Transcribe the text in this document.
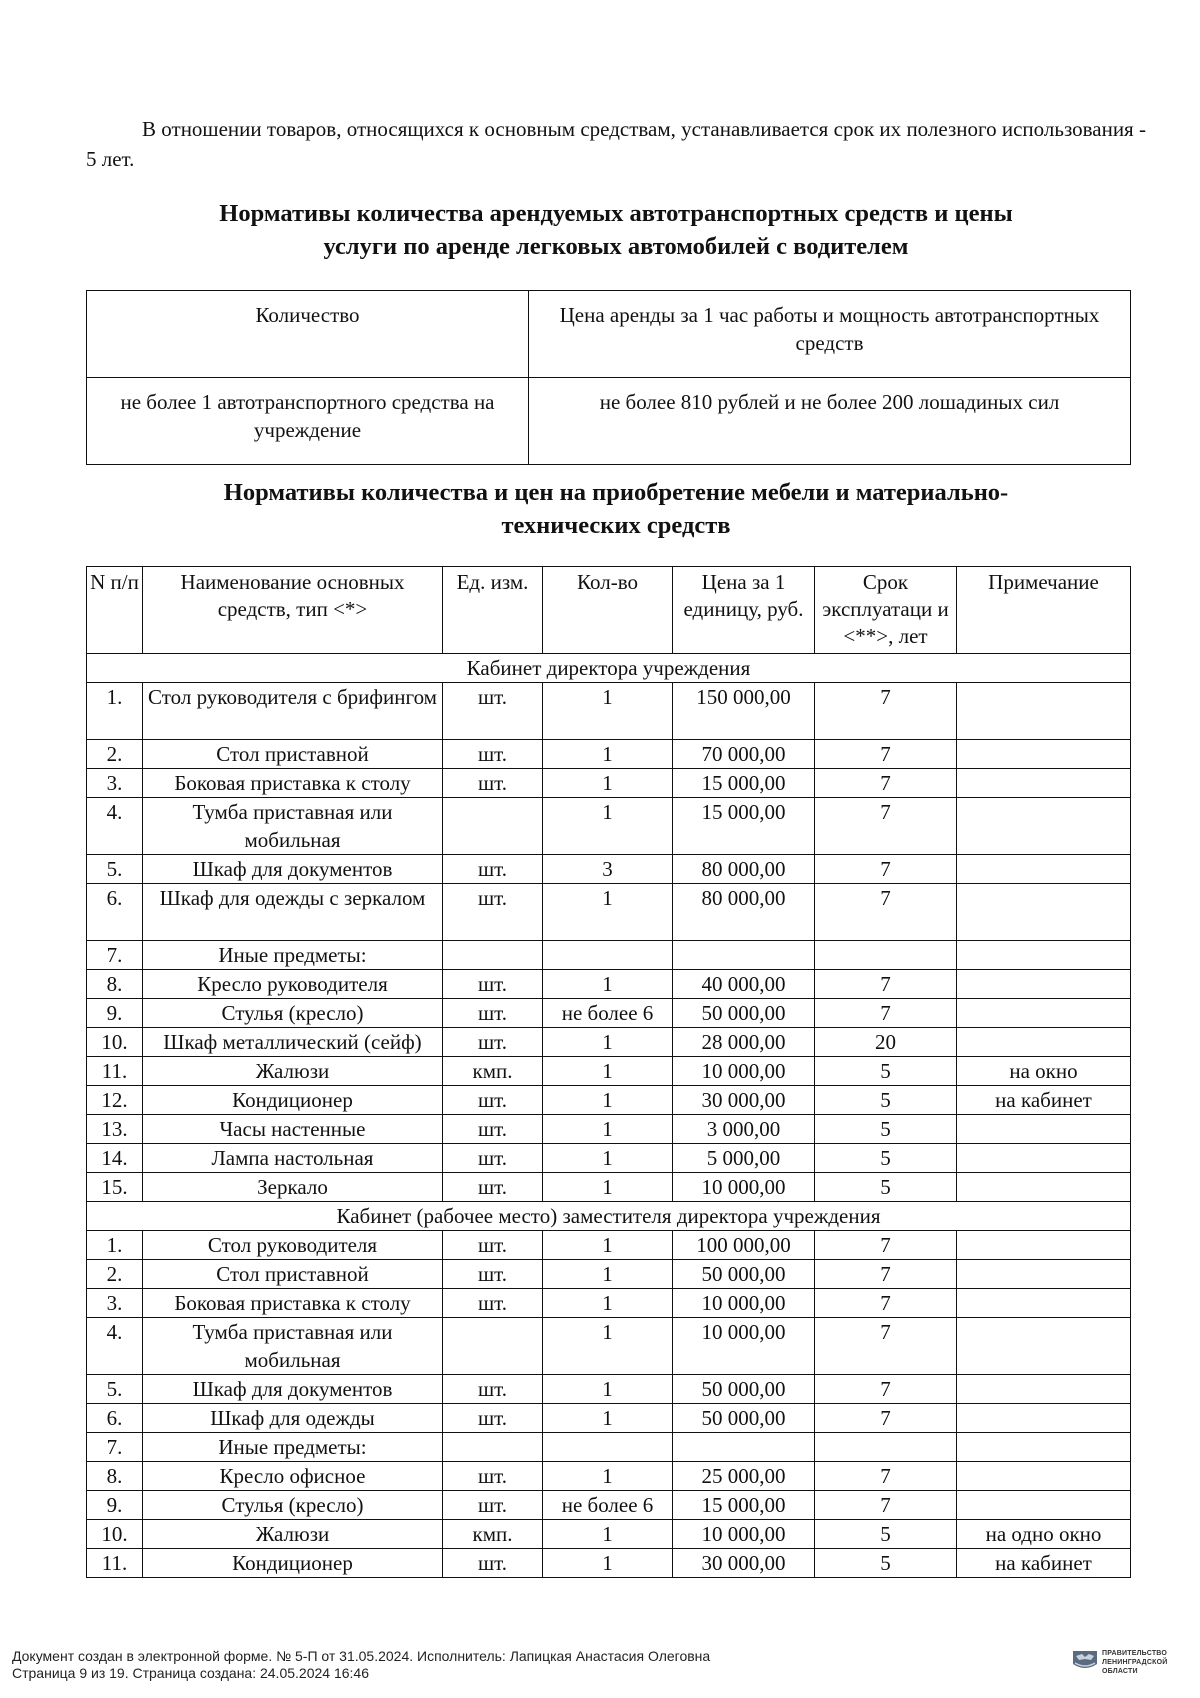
В отношении товаров, относящихся к основным средствам, устанавливается срок их полезного использования - 5 лет.

Нормативы количества арендуемых автотранспортных средств и цены
услуги по аренде легковых автомобилей с водителем
Количество	Цена аренды за 1 час работы и мощность автотранспортных средств
не более 1 автотранспортного средства на учреждение	не более 810 рублей и не более 200 лошадиных сил
Нормативы количества и цен на приобретение мебели и материально-
технических средств
N п/п	Наименование основных средств, тип <*>	Ед. изм.	Кол-во	Цена за 1 единицу, руб.	Срок эксплуатаци и <**>, лет	Примечание
Кабинет директора учреждения						
1.	Стол руководителя с брифингом	шт.	1	150 000,00	7	
2.	Стол приставной	шт.	1	70 000,00	7	
3.	Боковая приставка к столу	шт.	1	15 000,00	7	
4.	Тумба приставная или мобильная		1	15 000,00	7	
5.	Шкаф для документов	шт.	3	80 000,00	7	
6.	Шкаф для одежды с зеркалом	шт.	1	80 000,00	7	
7.	Иные предметы:					
8.	Кресло руководителя	шт.	1	40 000,00	7	
9.	Стулья (кресло)	шт.	не более 6	50 000,00	7	
10.	Шкаф металлический (сейф)	шт.	1	28 000,00	20	
11.	Жалюзи	кмп.	1	10 000,00	5	на окно
12.	Кондиционер	шт.	1	30 000,00	5	на кабинет
13.	Часы настенные	шт.	1	3 000,00	5	
14.	Лампа настольная	шт.	1	5 000,00	5	
15.	Зеркало	шт.	1	10 000,00	5	
Кабинет (рабочее место) заместителя директора учреждения						
1.	Стол руководителя	шт.	1	100 000,00	7	
2.	Стол приставной	шт.	1	50 000,00	7	
3.	Боковая приставка к столу	шт.	1	10 000,00	7	
4.	Тумба приставная или мобильная		1	10 000,00	7	
5.	Шкаф для документов	шт.	1	50 000,00	7	
6.	Шкаф для одежды	шт.	1	50 000,00	7	
7.	Иные предметы:					
8.	Кресло офисное	шт.	1	25 000,00	7	
9.	Стулья (кресло)	шт.	не более 6	15 000,00	7	
10.	Жалюзи	кмп.	1	10 000,00	5	на одно окно
11.	Кондиционер	шт.	1	30 000,00	5	на кабинет
Документ создан в электронной форме. № 5-П от 31.05.2024. Исполнитель: Лапицкая Анастасия Олеговна
Страница 9 из 19. Страница создана: 24.05.2024 16:46
ПРАВИТЕЛЬСТВО
ЛЕНИНГРАДСКОЙ
ОБЛАСТИ
